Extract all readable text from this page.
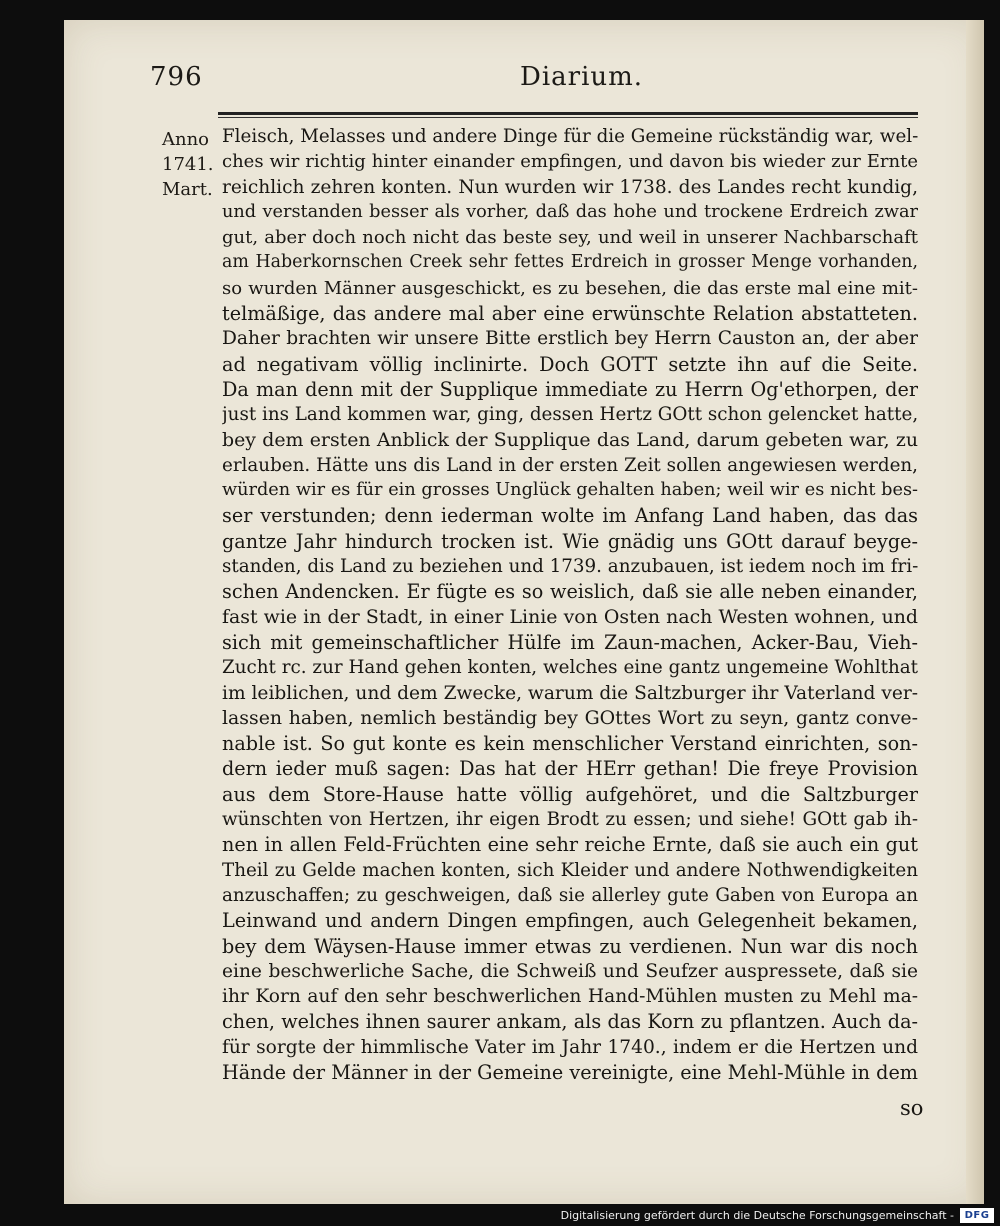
796	Diarium.
Anno
1741.
Mart.
Fleisch, Melasses und andere Dinge für die Gemeine rückständig war, wel-
ches wir richtig hinter einander empfingen, und davon bis wieder zur Ernte
reichlich zehren konten. Nun wurden wir 1738. des Landes recht kundig,
und verstanden besser als vorher, daß das hohe und trockene Erdreich zwar
gut, aber doch noch nicht das beste sey, und weil in unserer Nachbarschaft
am Haberkornschen Creek sehr fettes Erdreich in grosser Menge vorhanden,
so wurden Männer ausgeschickt, es zu besehen, die das erste mal eine mit-
telmäßige, das andere mal aber eine erwünschte Relation abstatteten.
Daher brachten wir unsere Bitte erstlich bey Herrn Causton an, der aber
ad negativam völlig inclinirte. Doch GOTT setzte ihn auf die Seite.
Da man denn mit der Supplique immediate zu Herrn Og'ethorpen, der
just ins Land kommen war, ging, dessen Hertz GOtt schon gelencket hatte,
bey dem ersten Anblick der Supplique das Land, darum gebeten war, zu
erlauben. Hätte uns dis Land in der ersten Zeit sollen angewiesen werden,
würden wir es für ein grosses Unglück gehalten haben; weil wir es nicht bes-
ser verstunden; denn iederman wolte im Anfang Land haben, das das
gantze Jahr hindurch trocken ist. Wie gnädig uns GOtt darauf beyge-
standen, dis Land zu beziehen und 1739. anzubauen, ist iedem noch im fri-
schen Andencken. Er fügte es so weislich, daß sie alle neben einander,
fast wie in der Stadt, in einer Linie von Osten nach Westen wohnen, und
sich mit gemeinschaftlicher Hülfe im Zaun-machen, Acker-Bau, Vieh-
Zucht rc. zur Hand gehen konten, welches eine gantz ungemeine Wohlthat
im leiblichen, und dem Zwecke, warum die Saltzburger ihr Vaterland ver-
lassen haben, nemlich beständig bey GOttes Wort zu seyn, gantz conve-
nable ist. So gut konte es kein menschlicher Verstand einrichten, son-
dern ieder muß sagen: Das hat der HErr gethan! Die freye Provision
aus dem Store-Hause hatte völlig aufgehöret, und die Saltzburger
wünschten von Hertzen, ihr eigen Brodt zu essen; und siehe! GOtt gab ih-
nen in allen Feld-Früchten eine sehr reiche Ernte, daß sie auch ein gut
Theil zu Gelde machen konten, sich Kleider und andere Nothwendigkeiten
anzuschaffen; zu geschweigen, daß sie allerley gute Gaben von Europa an
Leinwand und andern Dingen empfingen, auch Gelegenheit bekamen,
bey dem Wäysen-Hause immer etwas zu verdienen. Nun war dis noch
eine beschwerliche Sache, die Schweiß und Seufzer auspressete, daß sie
ihr Korn auf den sehr beschwerlichen Hand-Mühlen musten zu Mehl ma-
chen, welches ihnen saurer ankam, als das Korn zu pflantzen. Auch da-
für sorgte der himmlische Vater im Jahr 1740., indem er die Hertzen und
Hände der Männer in der Gemeine vereinigte, eine Mehl-Mühle in dem
so
Digitalisierung gefördert durch die Deutsche Forschungsgemeinschaft -	DFG
